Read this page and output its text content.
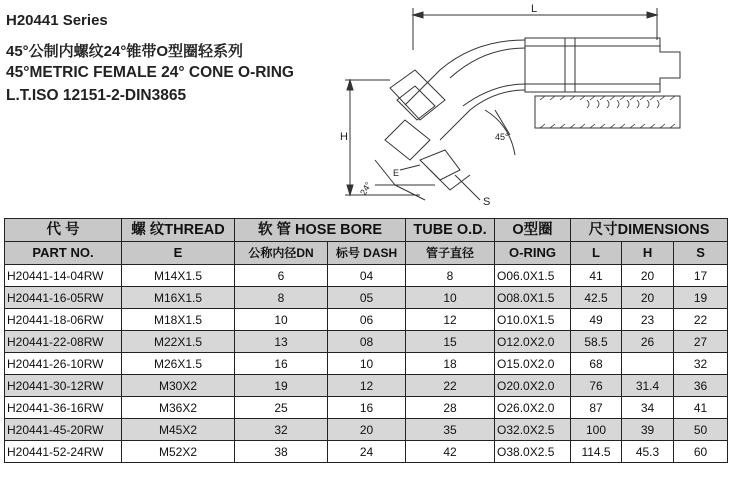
H20441 Series
45°公制内螺纹24°锥带O型圈轻系列
45°METRIC FEMALE 24° CONE O-RING
L.T.ISO 12151-2-DIN3865
L
H
E
S
24°
45°
代 号	螺 纹THREAD	软 管 HOSE BORE		TUBE O.D.	O型圈	尺寸DIMENSIONS		
PART NO.	E	公称内径DN	标号 DASH	管子直径	O-RING	L	H	S
H20441-14-04RW	M14X1.5	6	04	8	O06.0X1.5	41	20	17
H20441-16-05RW	M16X1.5	8	05	10	O08.0X1.5	42.5	20	19
H20441-18-06RW	M18X1.5	10	06	12	O10.0X1.5	49	23	22
H20441-22-08RW	M22X1.5	13	08	15	O12.0X2.0	58.5	26	27
H20441-26-10RW	M26X1.5	16	10	18	O15.0X2.0	68		32
H20441-30-12RW	M30X2	19	12	22	O20.0X2.0	76	31.4	36
H20441-36-16RW	M36X2	25	16	28	O26.0X2.0	87	34	41
H20441-45-20RW	M45X2	32	20	35	O32.0X2.5	100	39	50
H20441-52-24RW	M52X2	38	24	42	O38.0X2.5	114.5	45.3	60
